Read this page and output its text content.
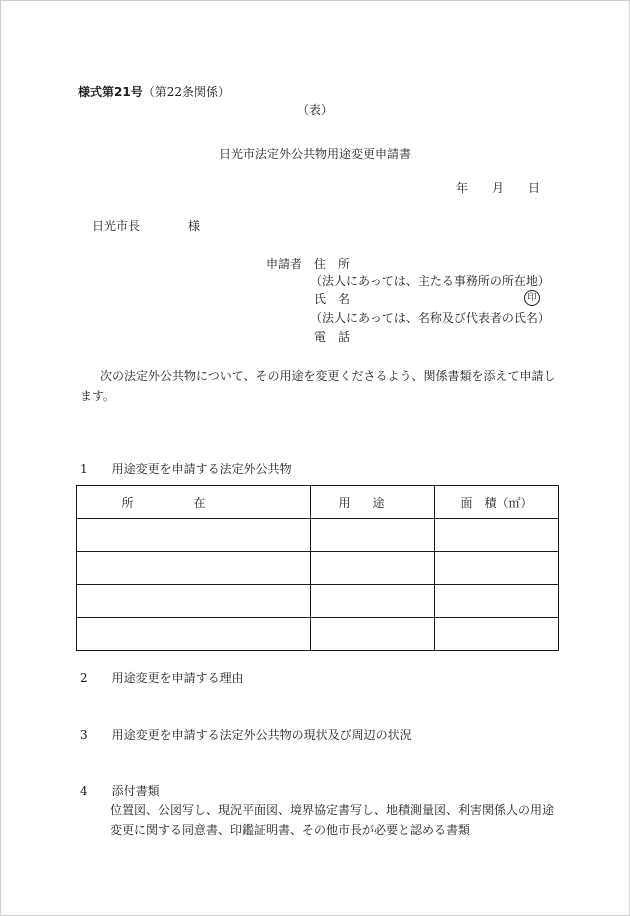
様式第21号（第22条関係）
（表）
日光市法定外公共物用途変更申請書
年　　月　　日
日光市長　　　　様
申請者 住　所
（法人にあっては、主たる事務所の所在地）
氏　名	印
（法人にあっては、名称及び代表者の氏名）
電　話
次の法定外公共物について、その用途を変更くださるよう、関係書類を添えて申請します。
1　　 用途変更を申請する法定外公共物
所在	用途	面　積（㎡）

2　　 用途変更を申請する理由
3　　 用途変更を申請する法定外公共物の現状及び周辺の状況
4　　 添付書類
位置図、公図写し、現況平面図、境界協定書写し、地積測量図、利害関係人の用途変更に関する同意書、印鑑証明書、その他市長が必要と認める書類
